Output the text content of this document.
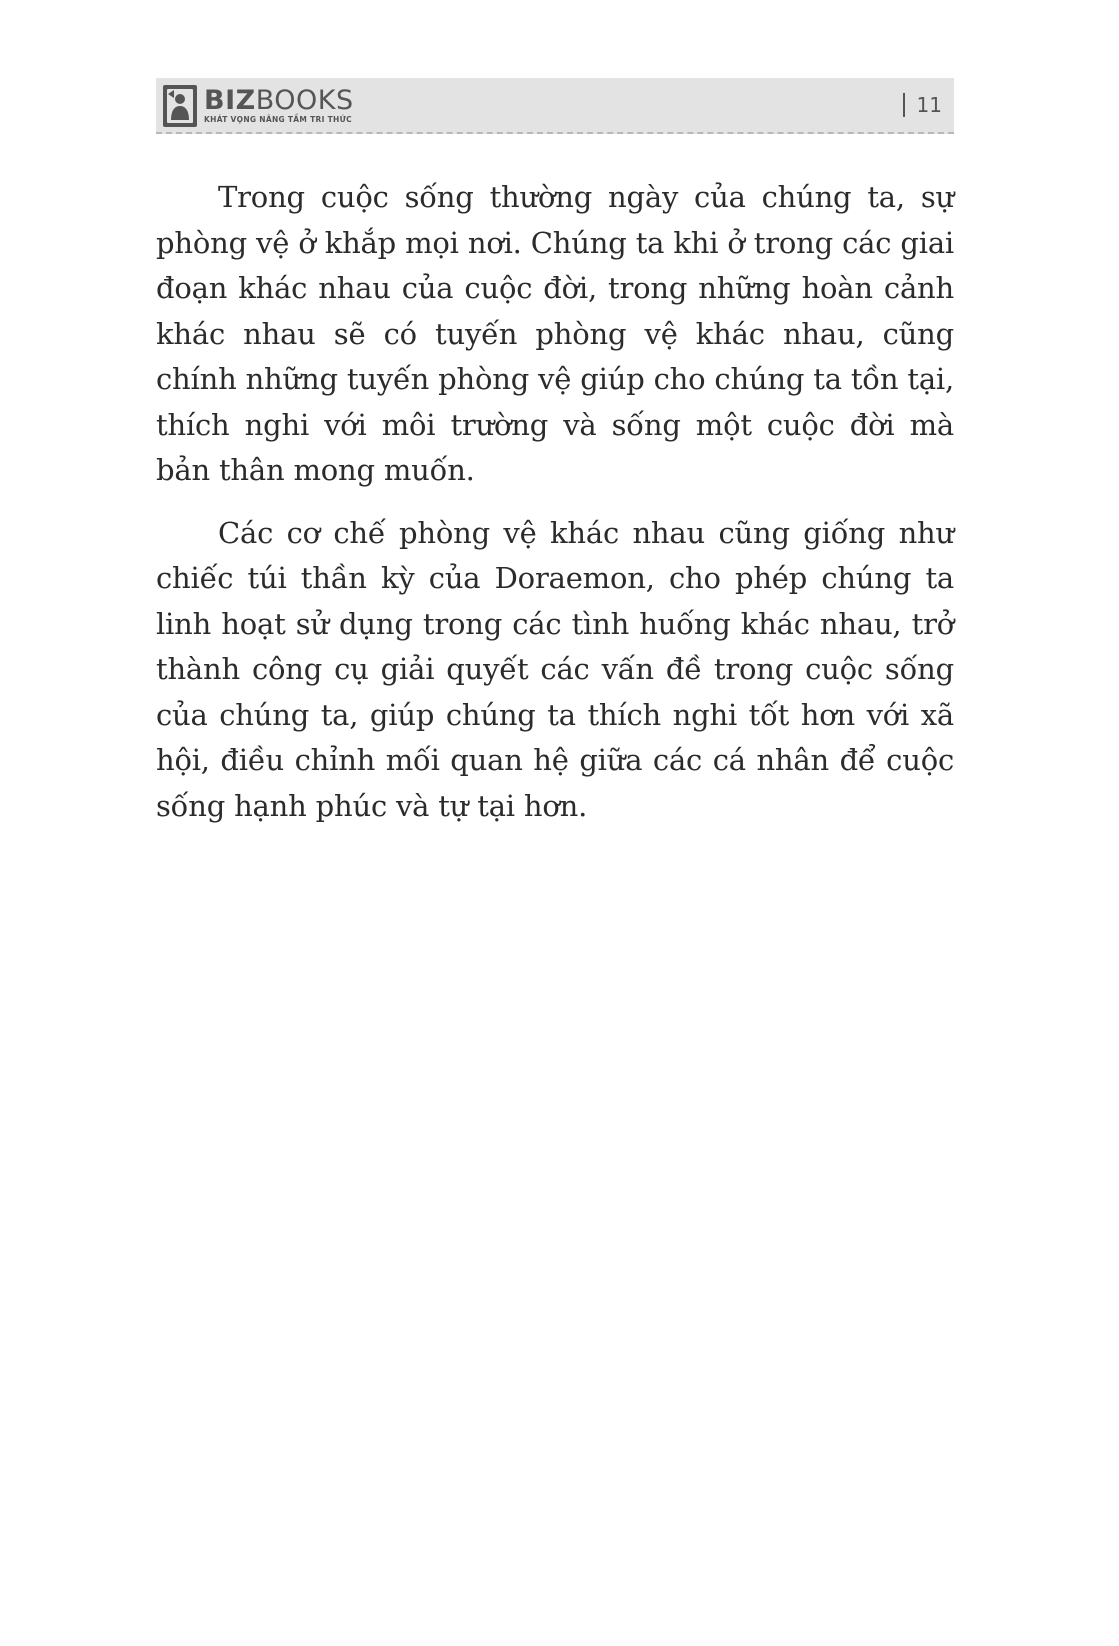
BIZBOOKS
KHÁT VỌNG NÂNG TẦM TRI THỨC
11

Trong cuộc sống thường ngày của chúng ta, sự phòng vệ ở khắp mọi nơi. Chúng ta khi ở trong các giai đoạn khác nhau của cuộc đời, trong những hoàn cảnh khác nhau sẽ có tuyến phòng vệ khác nhau, cũng chính những tuyến phòng vệ giúp cho chúng ta tồn tại, thích nghi với môi trường và sống một cuộc đời mà bản thân mong muốn.

Các cơ chế phòng vệ khác nhau cũng giống như chiếc túi thần kỳ của Doraemon, cho phép chúng ta linh hoạt sử dụng trong các tình huống khác nhau, trở thành công cụ giải quyết các vấn đề trong cuộc sống của chúng ta, giúp chúng ta thích nghi tốt hơn với xã hội, điều chỉnh mối quan hệ giữa các cá nhân để cuộc sống hạnh phúc và tự tại hơn.
